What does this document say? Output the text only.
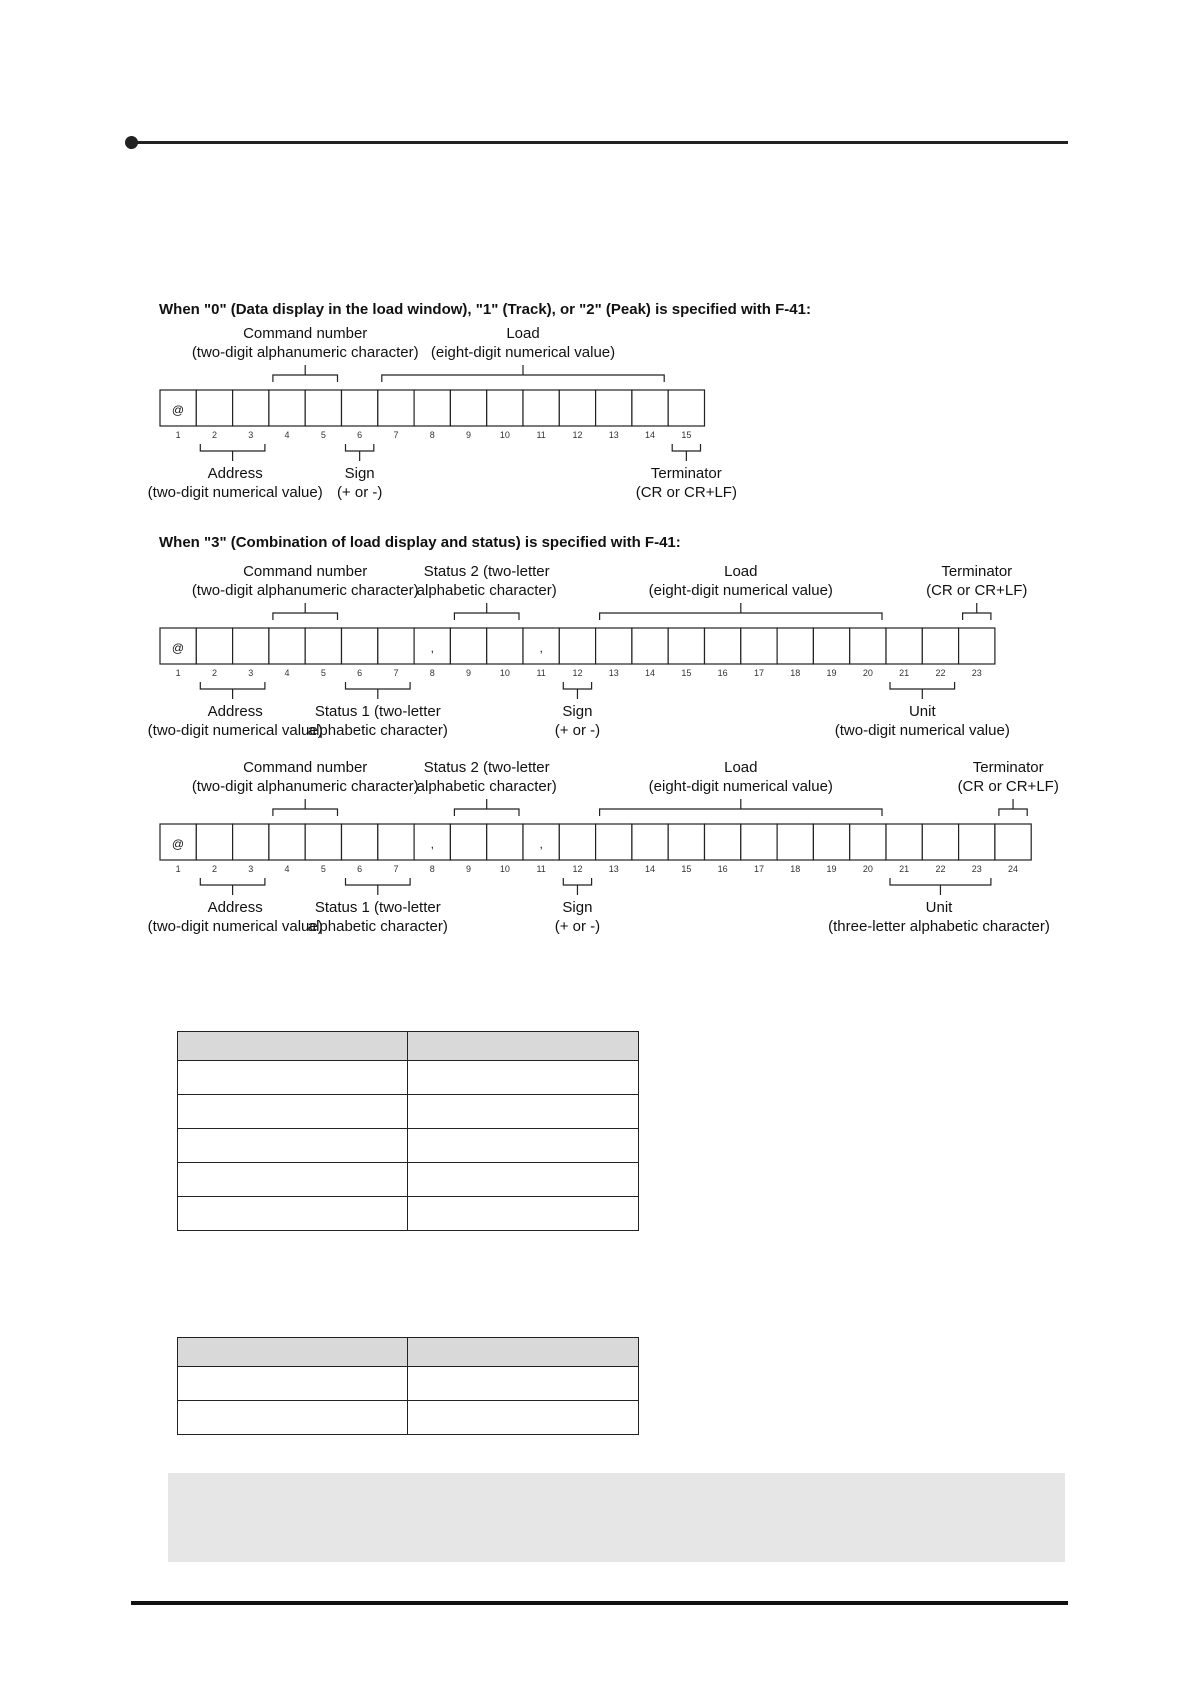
When "0" (Data display in the load window), "1" (Track), or "2" (Peak) is specified with F-41:
1
@
2	3	4	5	6	7	8	9	10	11	12	13	14	15
Command number
(two-digit alphanumeric character)
Load
(eight-digit numerical value)
Address
(two-digit numerical value)
Sign
(+ or -)
Terminator
(CR or CR+LF)
When "3" (Combination of load display and status) is specified with F-41:
1
@
2	3	4	5	6	7	8
,
9	10	11
,
12	13	14	15	16	17	18	19	20	21	22	23
Command number
(two-digit alphanumeric character)
Status 2 (two-letter
alphabetic character)
Load
(eight-digit numerical value)
Terminator
(CR or CR+LF)
Address
(two-digit numerical value)
Status 1 (two-letter
alphabetic character)
Sign
(+ or -)
Unit
(two-digit numerical value)
1
@
2	3	4	5	6	7	8
,
9	10	11
,
12	13	14	15	16	17	18	19	20	21	22	23	24
Command number
(two-digit alphanumeric character)
Status 2 (two-letter
alphabetic character)
Load
(eight-digit numerical value)
Terminator
(CR or CR+LF)
Address
(two-digit numerical value)
Status 1 (two-letter
alphabetic character)
Sign
(+ or -)
Unit
(three-letter alphabetic character)
